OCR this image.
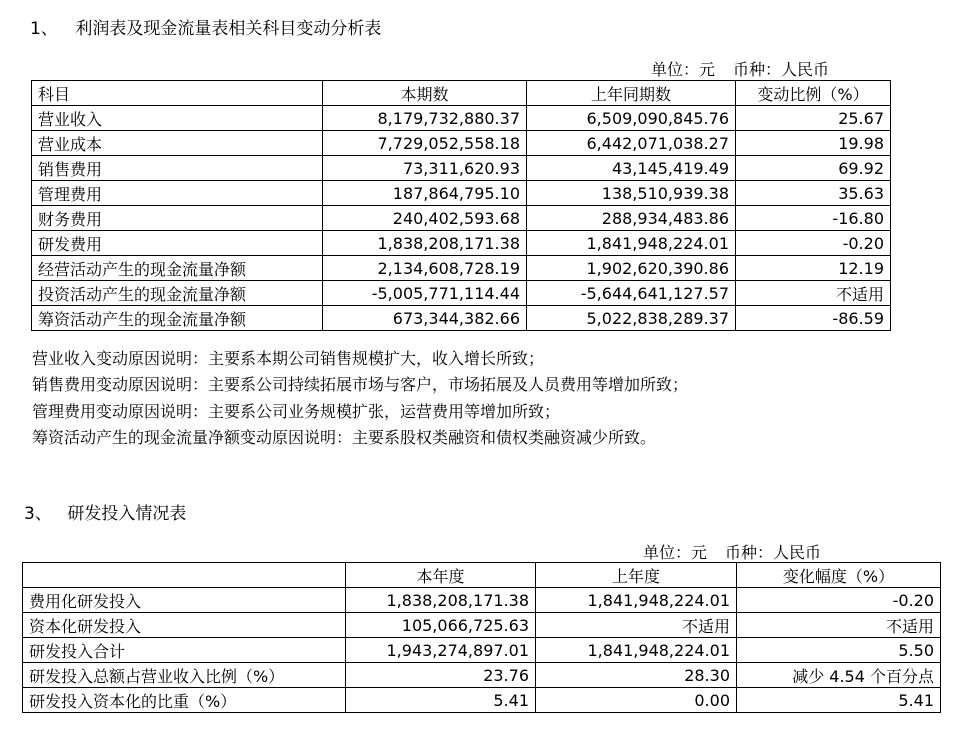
1、 利润表及现金流量表相关科目变动分析表
单位：元 币种：人民币
科目	本期数	上年同期数	变动比例（%）
营业收入	8,179,732,880.37	6,509,090,845.76	25.67
营业成本	7,729,052,558.18	6,442,071,038.27	19.98
销售费用	73,311,620.93	43,145,419.49	69.92
管理费用	187,864,795.10	138,510,939.38	35.63
财务费用	240,402,593.68	288,934,483.86	-16.80
研发费用	1,838,208,171.38	1,841,948,224.01	-0.20
经营活动产生的现金流量净额	2,134,608,728.19	1,902,620,390.86	12.19
投资活动产生的现金流量净额	-5,005,771,114.44	-5,644,641,127.57	不适用
筹资活动产生的现金流量净额	673,344,382.66	5,022,838,289.37	-86.59
营业收入变动原因说明：主要系本期公司销售规模扩大，收入增长所致；
销售费用变动原因说明：主要系公司持续拓展市场与客户，市场拓展及人员费用等增加所致；
管理费用变动原因说明：主要系公司业务规模扩张，运营费用等增加所致；
筹资活动产生的现金流量净额变动原因说明：主要系股权类融资和债权类融资减少所致。
3、 研发投入情况表
单位：元 币种：人民币
	本年度	上年度	变化幅度（%）
费用化研发投入	1,838,208,171.38	1,841,948,224.01	-0.20
资本化研发投入	105,066,725.63	不适用	不适用
研发投入合计	1,943,274,897.01	1,841,948,224.01	5.50
研发投入总额占营业收入比例（%）	23.76	28.30	减少 4.54 个百分点
研发投入资本化的比重（%）	5.41	0.00	5.41
